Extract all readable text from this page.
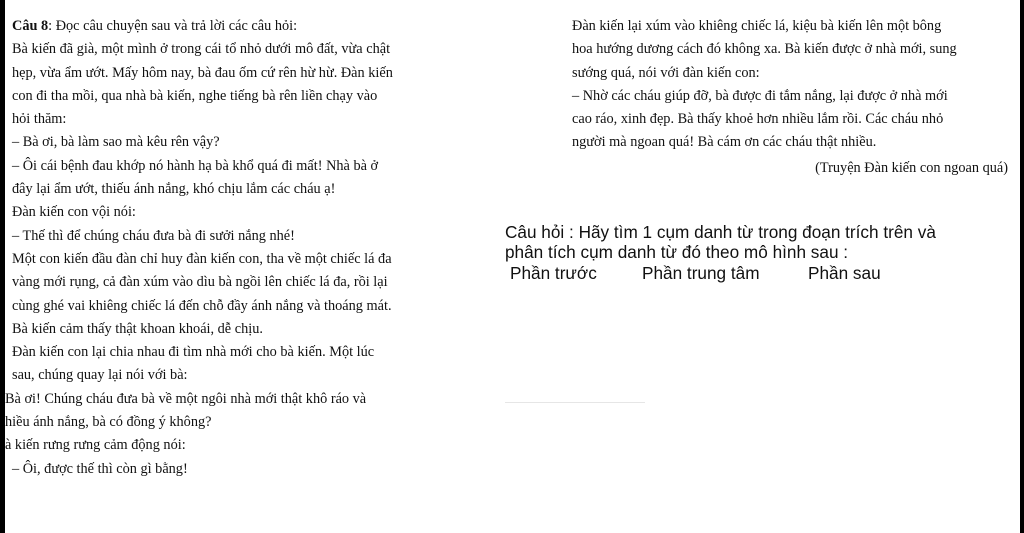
Câu 8: Đọc câu chuyện sau và trả lời các câu hỏi:
Bà kiến đã già, một mình ở trong cái tổ nhỏ dưới mô đất, vừa chật
hẹp, vừa ẩm ướt. Mấy hôm nay, bà đau ốm cứ rên hừ hừ. Đàn kiến
con đi tha mồi, qua nhà bà kiến, nghe tiếng bà rên liền chạy vào
hỏi thăm:
– Bà ơi, bà làm sao mà kêu rên vậy?
– Ôi cái bệnh đau khớp nó hành hạ bà khổ quá đi mất! Nhà bà ở
đây lại ẩm ướt, thiếu ánh nắng, khó chịu lắm các cháu ạ!
Đàn kiến con vội nói:
– Thế thì để chúng cháu đưa bà đi sưởi nắng nhé!
Một con kiến đầu đàn chỉ huy đàn kiến con, tha về một chiếc lá đa
vàng mới rụng, cả đàn xúm vào dìu bà ngồi lên chiếc lá đa, rồi lại
cùng ghé vai khiêng chiếc lá đến chỗ đầy ánh nắng và thoáng mát.
Bà kiến cảm thấy thật khoan khoái, dễ chịu.
Đàn kiến con lại chia nhau đi tìm nhà mới cho bà kiến. Một lúc
sau, chúng quay lại nói với bà:
Bà ơi! Chúng cháu đưa bà về một ngôi nhà mới thật khô ráo và
hiều ánh nắng, bà có đồng ý không?
à kiến rưng rưng cảm động nói:
– Ôi, được thế thì còn gì bằng!
Đàn kiến lại xúm vào khiêng chiếc lá, kiệu bà kiến lên một bông
hoa hướng dương cách đó không xa. Bà kiến được ở nhà mới, sung
sướng quá, nói với đàn kiến con:
– Nhờ các cháu giúp đỡ, bà được đi tắm nắng, lại được ở nhà mới
cao ráo, xinh đẹp. Bà thấy khoẻ hơn nhiều lắm rồi. Các cháu nhỏ
người mà ngoan quá! Bà cám ơn các cháu thật nhiều.
(Truyện Đàn kiến con ngoan quá)
Câu hỏi : Hãy tìm 1 cụm danh từ trong đoạn trích trên và
phân tích cụm danh từ đó theo mô hình sau :
Phần trước	Phần trung tâm	Phần sau
